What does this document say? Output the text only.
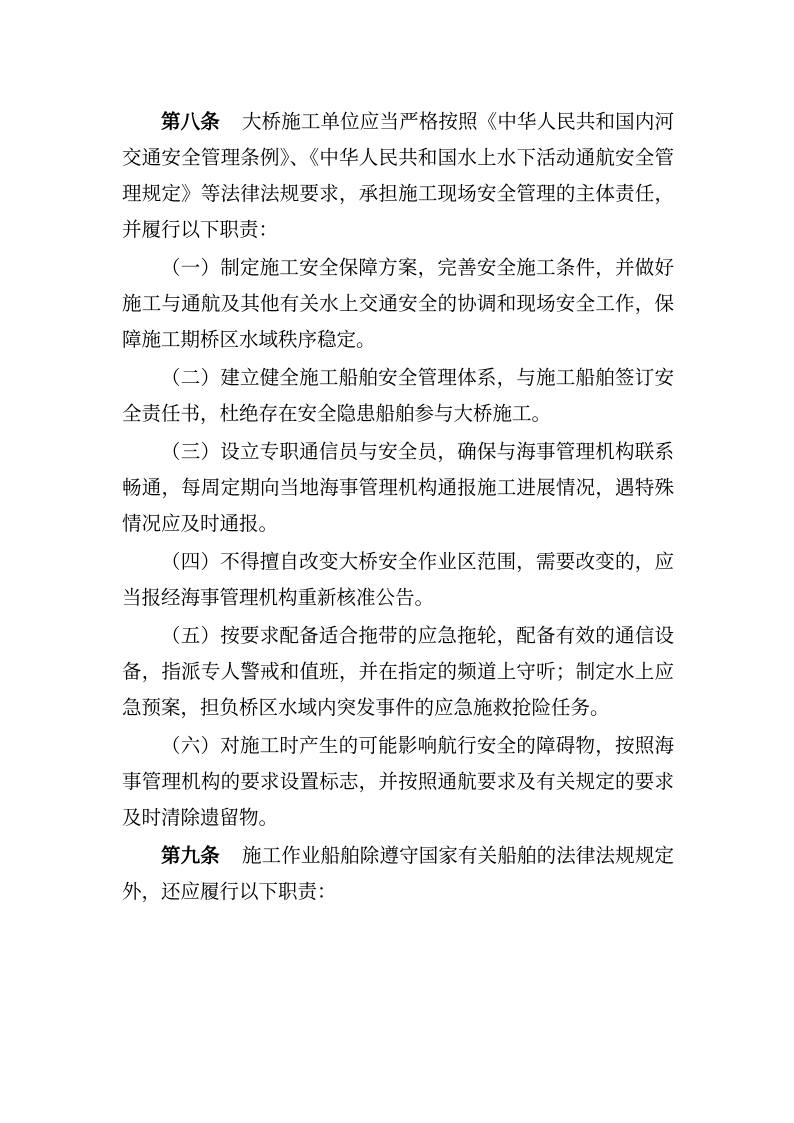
第八条 大桥施工单位应当严格按照《中华人民共和国内河交通安全管理条例》、《中华人民共和国水上水下活动通航安全管理规定》等法律法规要求，承担施工现场安全管理的主体责任，并履行以下职责：

（一）制定施工安全保障方案，完善安全施工条件，并做好施工与通航及其他有关水上交通安全的协调和现场安全工作，保障施工期桥区水域秩序稳定。

（二）建立健全施工船舶安全管理体系，与施工船舶签订安全责任书，杜绝存在安全隐患船舶参与大桥施工。

（三）设立专职通信员与安全员，确保与海事管理机构联系畅通，每周定期向当地海事管理机构通报施工进展情况，遇特殊情况应及时通报。

（四）不得擅自改变大桥安全作业区范围，需要改变的，应当报经海事管理机构重新核准公告。

（五）按要求配备适合拖带的应急拖轮，配备有效的通信设备，指派专人警戒和值班，并在指定的频道上守听；制定水上应急预案，担负桥区水域内突发事件的应急施救抢险任务。

（六）对施工时产生的可能影响航行安全的障碍物，按照海事管理机构的要求设置标志，并按照通航要求及有关规定的要求及时清除遗留物。

第九条 施工作业船舶除遵守国家有关船舶的法律法规规定外，还应履行以下职责：
